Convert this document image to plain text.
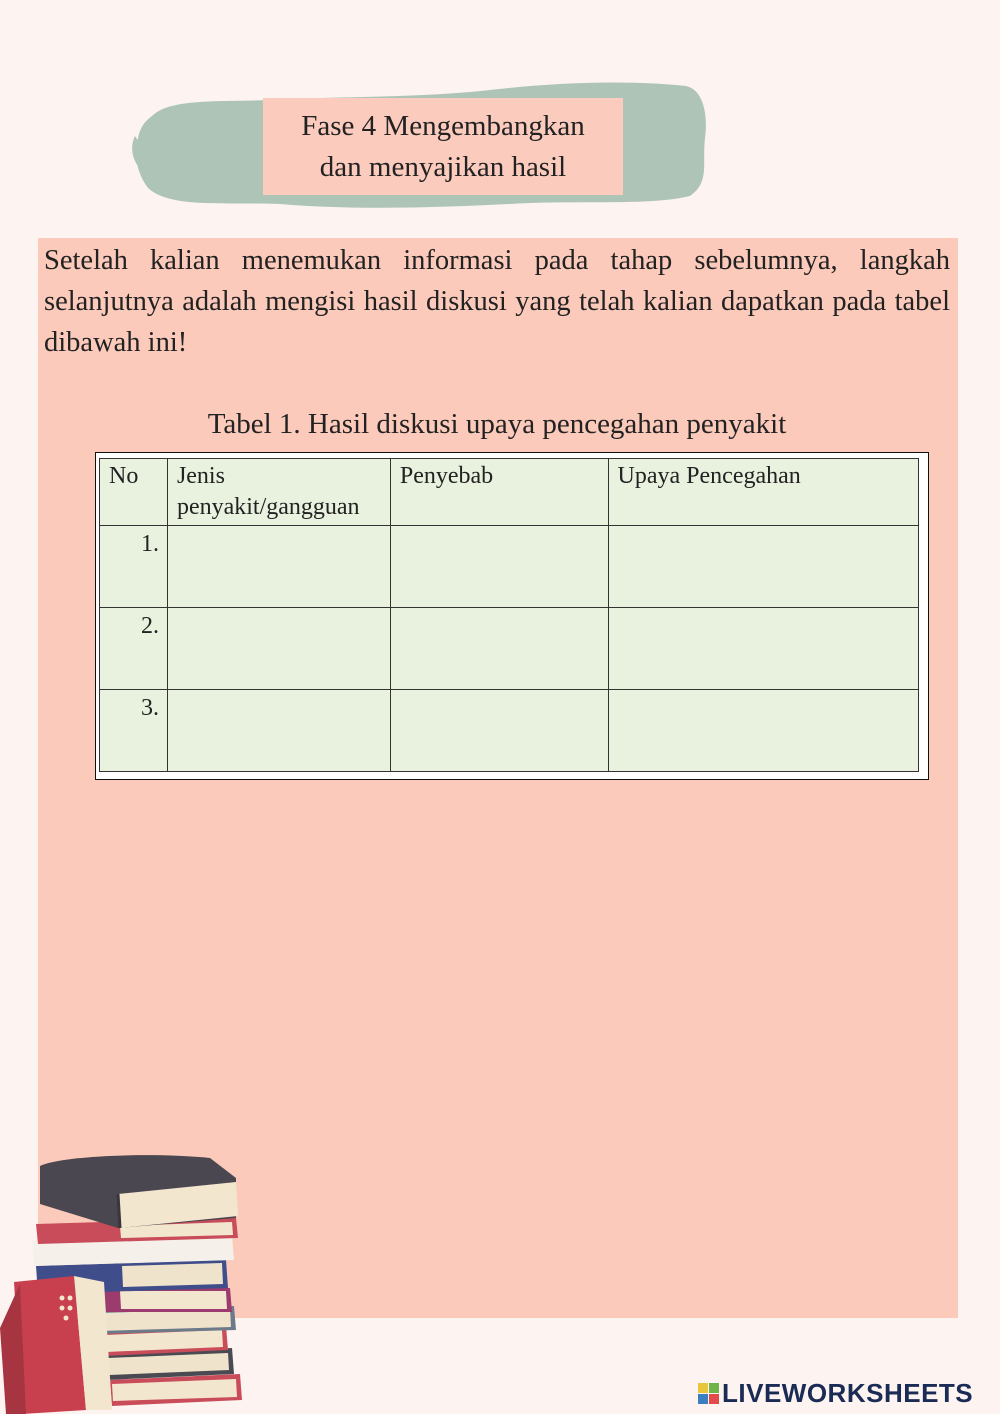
Fase 4 Mengembangkan
dan menyajikan hasil

Setelah kalian menemukan informasi pada tahap sebelumnya, langkah selanjutnya adalah mengisi hasil diskusi yang telah kalian dapatkan pada tabel dibawah ini!

Tabel 1. Hasil diskusi upaya pencegahan penyakit
No	Jenis penyakit/gangguan	Penyebab	Upaya Pencegahan
1.			
2.			
3.			
LIVEWORKSHEETS
